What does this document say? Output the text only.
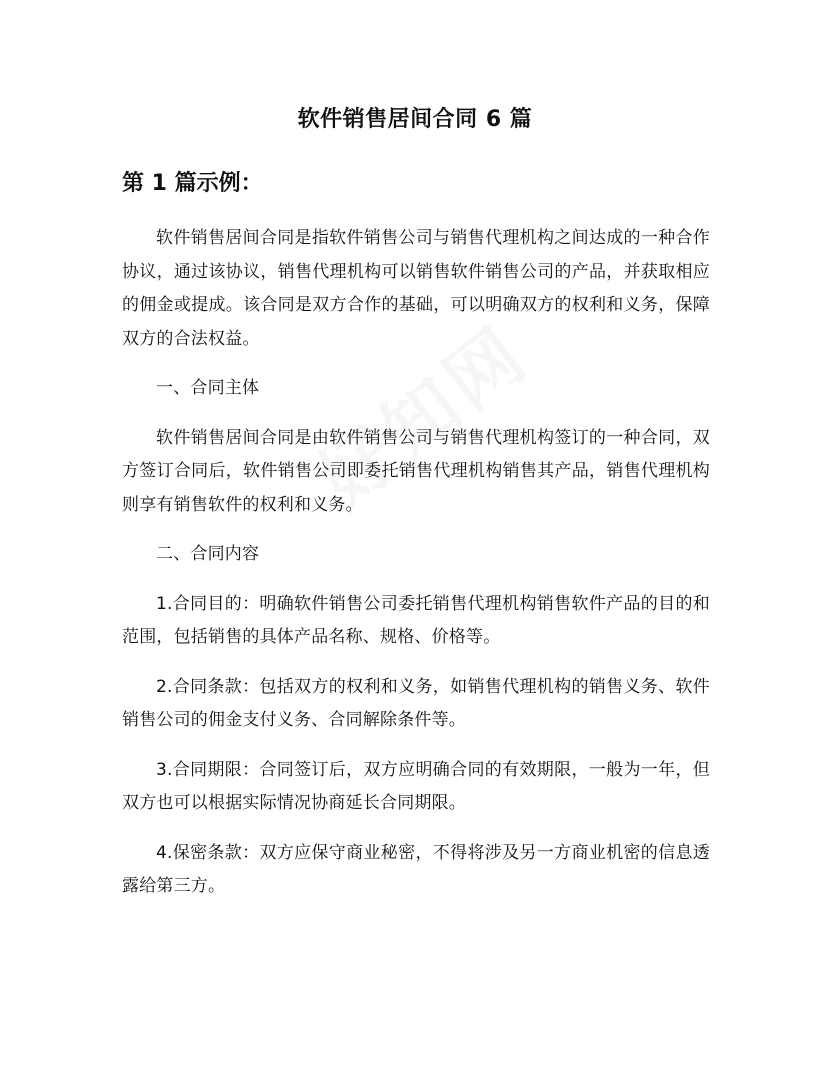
软件销售居间合同 6 篇
第 1 篇示例：

软件销售居间合同是指软件销售公司与销售代理机构之间达成的一种合作协议，通过该协议，销售代理机构可以销售软件销售公司的产品，并获取相应的佣金或提成。该合同是双方合作的基础，可以明确双方的权利和义务，保障双方的合法权益。

一、合同主体

软件销售居间合同是由软件销售公司与销售代理机构签订的一种合同，双方签订合同后，软件销售公司即委托销售代理机构销售其产品，销售代理机构则享有销售软件的权利和义务。

二、合同内容

1.合同目的：明确软件销售公司委托销售代理机构销售软件产品的目的和范围，包括销售的具体产品名称、规格、价格等。

2.合同条款：包括双方的权利和义务，如销售代理机构的销售义务、软件销售公司的佣金支付义务、合同解除条件等。

3.合同期限：合同签订后，双方应明确合同的有效期限，一般为一年，但双方也可以根据实际情况协商延长合同期限。

4.保密条款：双方应保守商业秘密，不得将涉及另一方商业机密的信息透露给第三方。
